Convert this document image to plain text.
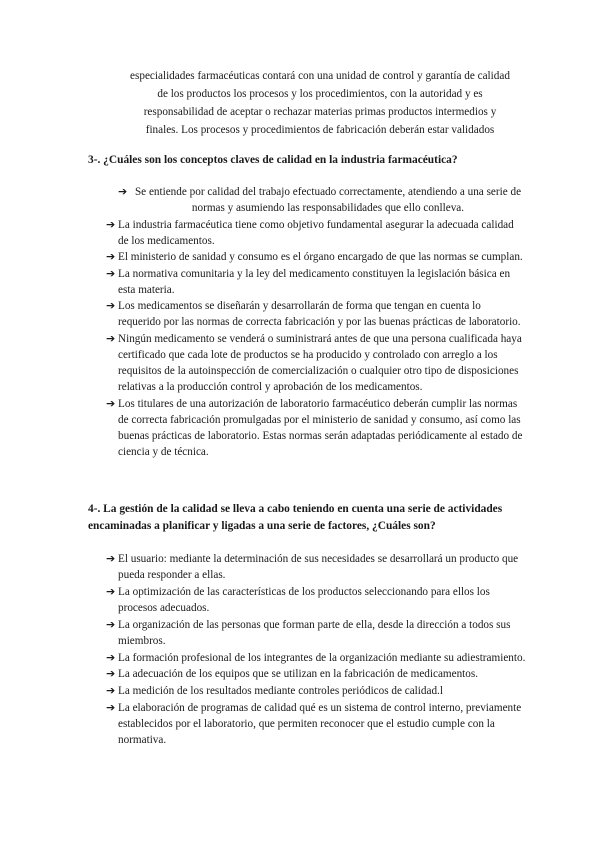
especialidades farmacéuticas contará con una unidad de control y garantía de calidad
de los productos los procesos y los procedimientos, con la autoridad y es
responsabilidad de aceptar o rechazar materias primas productos intermedios y
finales. Los procesos y procedimientos de fabricación deberán estar validados
3-. ¿Cuáles son los conceptos claves de calidad en la industria farmacéutica?
➔ Se entiende por calidad del trabajo efectuado correctamente, atendiendo a una serie de normas y asumiendo las responsabilidades que ello conlleva.
➔ La industria farmacéutica tiene como objetivo fundamental asegurar la adecuada calidad de los medicamentos.
➔ El ministerio de sanidad y consumo es el órgano encargado de que las normas se cumplan.
➔ La normativa comunitaria y la ley del medicamento constituyen la legislación básica en esta materia.
➔ Los medicamentos se diseñarán y desarrollarán de forma que tengan en cuenta lo requerido por las normas de correcta fabricación y por las buenas prácticas de laboratorio.
➔ Ningún medicamento se venderá o suministrará antes de que una persona cualificada haya certificado que cada lote de productos se ha producido y controlado con arreglo a los requisitos de la autoinspección de comercialización o cualquier otro tipo de disposiciones relativas a la producción control y aprobación de los medicamentos.
➔ Los titulares de una autorización de laboratorio farmacéutico deberán cumplir las normas de correcta fabricación promulgadas por el ministerio de sanidad y consumo, así como las buenas prácticas de laboratorio. Estas normas serán adaptadas periódicamente al estado de ciencia y de técnica.
4-. La gestión de la calidad se lleva a cabo teniendo en cuenta una serie de actividades encaminadas a planificar y ligadas a una serie de factores, ¿Cuáles son?
➔ El usuario: mediante la determinación de sus necesidades se desarrollará un producto que pueda responder a ellas.
➔ La optimización de las características de los productos seleccionando para ellos los procesos adecuados.
➔ La organización de las personas que forman parte de ella, desde la dirección a todos sus miembros.
➔ La formación profesional de los integrantes de la organización mediante su adiestramiento.
➔ La adecuación de los equipos que se utilizan en la fabricación de medicamentos.
➔ La medición de los resultados mediante controles periódicos de calidad.l
➔ La elaboración de programas de calidad qué es un sistema de control interno, previamente establecidos por el laboratorio, que permiten reconocer que el estudio cumple con la normativa.
